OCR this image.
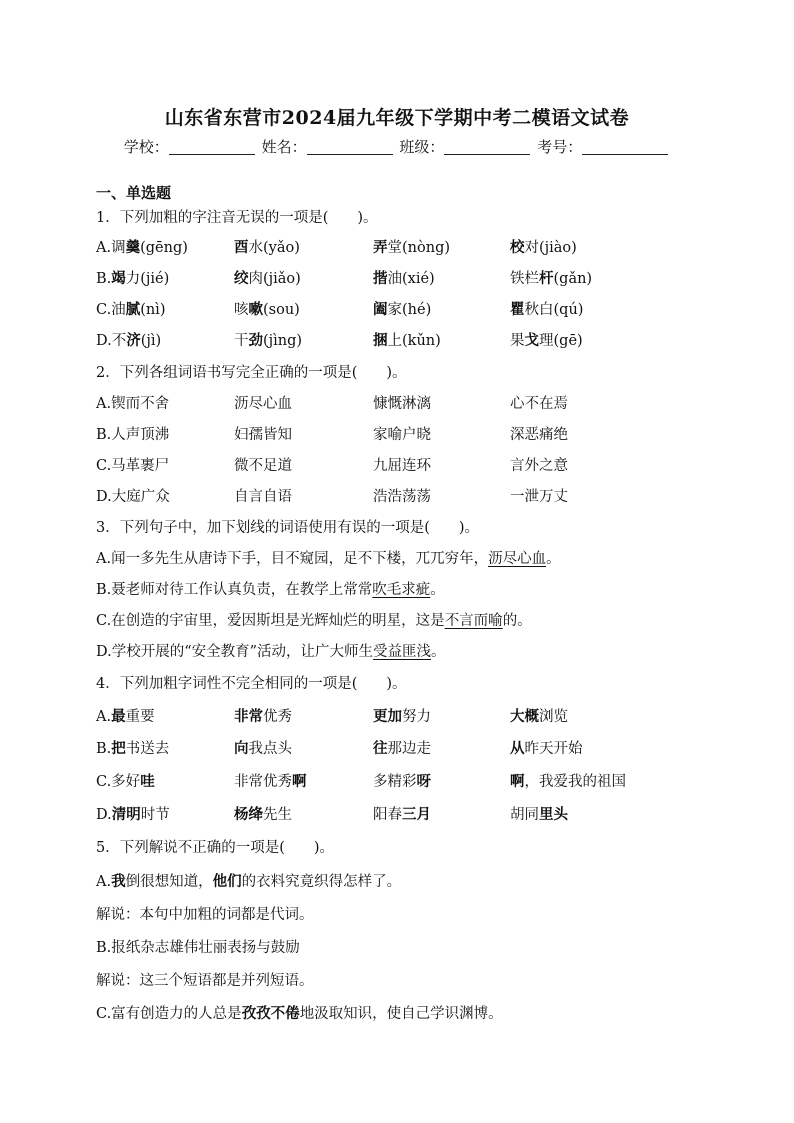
山东省东营市2024届九年级下学期中考二模语文试卷
学校：	姓名：	班级：	考号：
一、单选题
1．下列加粗的字注音无误的一项是(　　)。
A.调羹(gēng)	酉水(yǎo)	弄堂(nòng)	校对(jiào)
B.竭力(jié)	绞肉(jiǎo)	揩油(xié)	铁栏杆(gǎn)
C.油腻(nì)	咳嗽(sou)	阖家(hé)	瞿秋白(qú)
D.不济(jì)	干劲(jìng)	捆上(kǔn)	果戈理(gē)
2．下列各组词语书写完全正确的一项是(　　)。
A.锲而不舍	沥尽心血	慷慨淋漓	心不在焉
B.人声顶沸	妇孺皆知	家喻户晓	深恶痛绝
C.马革裹尸	微不足道	九屈连环	言外之意
D.大庭广众	自言自语	浩浩荡荡	一泄万丈
3．下列句子中，加下划线的词语使用有误的一项是(　　)。
A.闻一多先生从唐诗下手，目不窥园，足不下楼，兀兀穷年，沥尽心血。
B.聂老师对待工作认真负责，在教学上常常吹毛求疵。
C.在创造的宇宙里，爱因斯坦是光辉灿烂的明星，这是不言而喻的。
D.学校开展的“安全教育”活动，让广大师生受益匪浅。
4．下列加粗字词性不完全相同的一项是(　　)。
A.最重要	非常优秀	更加努力	大概浏览
B.把书送去	向我点头	往那边走	从昨天开始
C.多好哇	非常优秀啊	多精彩呀	啊，我爱我的祖国
D.清明时节	杨绛先生	阳春三月	胡同里头
5．下列解说不正确的一项是(　　)。
A.我倒很想知道，他们的衣料究竟织得怎样了。
解说：本句中加粗的词都是代词。
B.报纸杂志雄伟壮丽表扬与鼓励
解说：这三个短语都是并列短语。
C.富有创造力的人总是孜孜不倦地汲取知识，使自己学识渊博。
